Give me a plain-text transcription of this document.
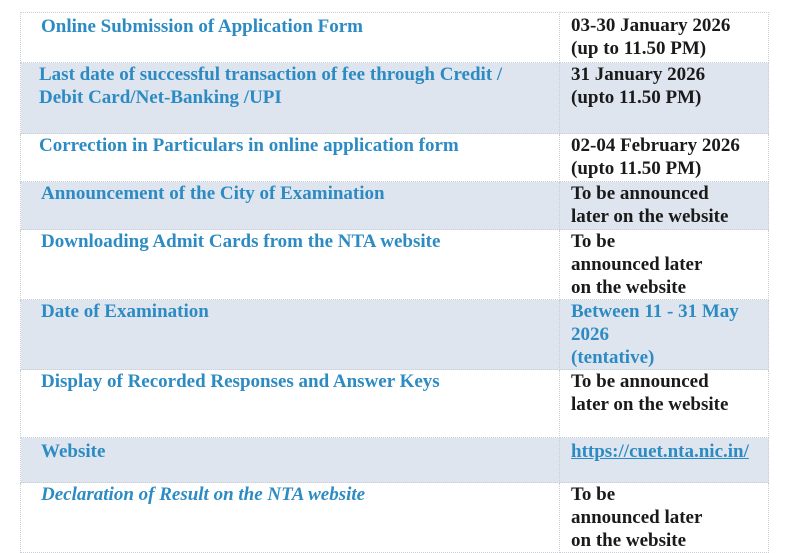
Online Submission of Application Form	03-30 January 2026
(up to 11.50 PM)

Last date of successful transaction of fee through Credit / Debit Card/Net-Banking /UPI	31 January 2026
(upto 11.50 PM)

Correction in Particulars in online application form	02-04 February 2026
(upto 11.50 PM)

Announcement of the City of Examination	To be announced later on the website
Downloading Admit Cards from the NTA website	To be announced later on the website
Date of Examination	Between 11 - 31 May 2026
(tentative)

Display of Recorded Responses and Answer Keys	To be announced later on the website
Website	https://cuet.nta.nic.in/
Declaration of Result on the NTA website	To be announced later on the website
